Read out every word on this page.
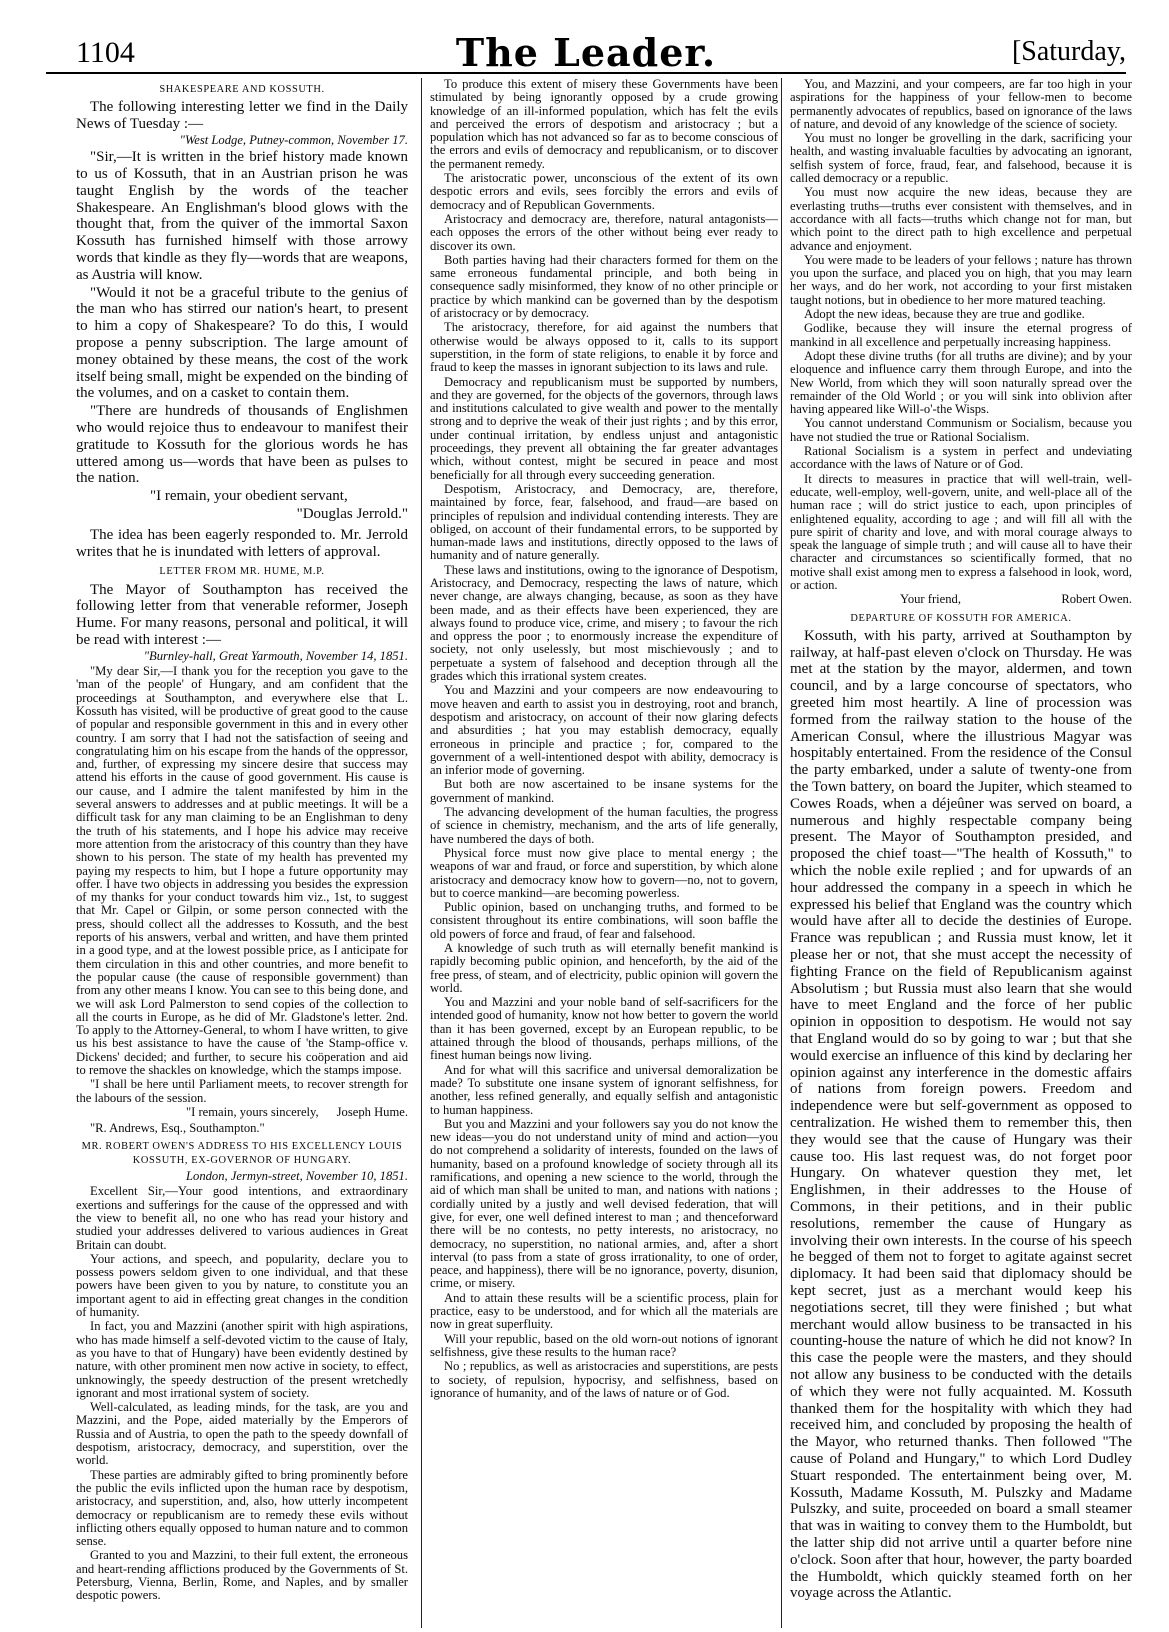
1104	The Leader.	[Saturday,
SHAKESPEARE AND KOSSUTH.

The following interesting letter we find in the Daily News of Tuesday :—

"West Lodge, Putney-common, November 17.

"Sir,—It is written in the brief history made known to us of Kossuth, that in an Austrian prison he was taught English by the words of the teacher Shakespeare. An Englishman's blood glows with the thought that, from the quiver of the immortal Saxon Kossuth has furnished himself with those arrowy words that kindle as they fly—words that are weapons, as Austria will know.

"Would it not be a graceful tribute to the genius of the man who has stirred our nation's heart, to present to him a copy of Shakespeare? To do this, I would propose a penny subscription. The large amount of money obtained by these means, the cost of the work itself being small, might be expended on the binding of the volumes, and on a casket to contain them.

"There are hundreds of thousands of Englishmen who would rejoice thus to endeavour to manifest their gratitude to Kossuth for the glorious words he has uttered among us—words that have been as pulses to the nation.

"I remain, your obedient servant,

"Douglas Jerrold."

The idea has been eagerly responded to. Mr. Jerrold writes that he is inundated with letters of approval.

LETTER FROM MR. HUME, M.P.

The Mayor of Southampton has received the following letter from that venerable reformer, Joseph Hume. For many reasons, personal and political, it will be read with interest :—

"Burnley-hall, Great Yarmouth, November 14, 1851.

"My dear Sir,—I thank you for the reception you gave to the 'man of the people' of Hungary, and am confident that the proceedings at Southampton, and everywhere else that L. Kossuth has visited, will be productive of great good to the cause of popular and responsible government in this and in every other country. I am sorry that I had not the satisfaction of seeing and congratulating him on his escape from the hands of the oppressor, and, further, of expressing my sincere desire that success may attend his efforts in the cause of good government. His cause is our cause, and I admire the talent manifested by him in the several answers to addresses and at public meetings. It will be a difficult task for any man claiming to be an Englishman to deny the truth of his statements, and I hope his advice may receive more attention from the aristocracy of this country than they have shown to his person. The state of my health has prevented my paying my respects to him, but I hope a future opportunity may offer. I have two objects in addressing you besides the expression of my thanks for your conduct towards him viz., 1st, to suggest that Mr. Capel or Gilpin, or some person connected with the press, should collect all the addresses to Kossuth, and the best reports of his answers, verbal and written, and have them printed in a good type, and at the lowest possible price, as I anticipate for them circulation in this and other countries, and more benefit to the popular cause (the cause of responsible government) than from any other means I know. You can see to this being done, and we will ask Lord Palmerston to send copies of the collection to all the courts in Europe, as he did of Mr. Gladstone's letter. 2nd. To apply to the Attorney-General, to whom I have written, to give us his best assistance to have the cause of 'the Stamp-office v. Dickens' decided; and further, to secure his coöperation and aid to remove the shackles on knowledge, which the stamps impose.

"I shall be here until Parliament meets, to recover strength for the labours of the session.

"I remain, yours sincerely, Joseph Hume.

"R. Andrews, Esq., Southampton."

MR. ROBERT OWEN'S ADDRESS TO HIS EXCELLENCY LOUIS KOSSUTH, EX-GOVERNOR OF HUNGARY.
London, Jermyn-street, November 10, 1851.

Excellent Sir,—Your good intentions, and extraordinary exertions and sufferings for the cause of the oppressed and with the view to benefit all, no one who has read your history and studied your addresses delivered to various audiences in Great Britain can doubt.

Your actions, and speech, and popularity, declare you to possess powers seldom given to one individual, and that these powers have been given to you by nature, to constitute you an important agent to aid in effecting great changes in the condition of humanity.

In fact, you and Mazzini (another spirit with high aspirations, who has made himself a self-devoted victim to the cause of Italy, as you have to that of Hungary) have been evidently destined by nature, with other prominent men now active in society, to effect, unknowingly, the speedy destruction of the present wretchedly ignorant and most irrational system of society.

Well-calculated, as leading minds, for the task, are you and Mazzini, and the Pope, aided materially by the Emperors of Russia and of Austria, to open the path to the speedy downfall of despotism, aristocracy, democracy, and superstition, over the world.

These parties are admirably gifted to bring prominently before the public the evils inflicted upon the human race by despotism, aristocracy, and superstition, and, also, how utterly incompetent democracy or republicanism are to remedy these evils without inflicting others equally opposed to human nature and to common sense.

Granted to you and Mazzini, to their full extent, the erroneous and heart-rending afflictions produced by the Governments of St. Petersburg, Vienna, Berlin, Rome, and Naples, and by smaller despotic powers.

To produce this extent of misery these Governments have been stimulated by being ignorantly opposed by a crude growing knowledge of an ill-informed population, which has felt the evils and perceived the errors of despotism and aristocracy ; but a population which has not advanced so far as to become conscious of the errors and evils of democracy and republicanism, or to discover the permanent remedy.

The aristocratic power, unconscious of the extent of its own despotic errors and evils, sees forcibly the errors and evils of democracy and of Republican Governments.

Aristocracy and democracy are, therefore, natural antagonists—each opposes the errors of the other without being ever ready to discover its own.

Both parties having had their characters formed for them on the same erroneous fundamental principle, and both being in consequence sadly misinformed, they know of no other principle or practice by which mankind can be governed than by the despotism of aristocracy or by democracy.

The aristocracy, therefore, for aid against the numbers that otherwise would be always opposed to it, calls to its support superstition, in the form of state religions, to enable it by force and fraud to keep the masses in ignorant subjection to its laws and rule.

Democracy and republicanism must be supported by numbers, and they are governed, for the objects of the governors, through laws and institutions calculated to give wealth and power to the mentally strong and to deprive the weak of their just rights ; and by this error, under continual irritation, by endless unjust and antagonistic proceedings, they prevent all obtaining the far greater advantages which, without contest, might be secured in peace and most beneficially for all through every succeeding generation.

Despotism, Aristocracy, and Democracy, are, therefore, maintained by force, fear, falsehood, and fraud—are based on principles of repulsion and individual contending interests. They are obliged, on account of their fundamental errors, to be supported by human-made laws and institutions, directly opposed to the laws of humanity and of nature generally.

These laws and institutions, owing to the ignorance of Despotism, Aristocracy, and Democracy, respecting the laws of nature, which never change, are always changing, because, as soon as they have been made, and as their effects have been experienced, they are always found to produce vice, crime, and misery ; to favour the rich and oppress the poor ; to enormously increase the expenditure of society, not only uselessly, but most mischievously ; and to perpetuate a system of falsehood and deception through all the grades which this irrational system creates.

You and Mazzini and your compeers are now endeavouring to move heaven and earth to assist you in destroying, root and branch, despotism and aristocracy, on account of their now glaring defects and absurdities ; hat you may establish democracy, equally erroneous in principle and practice ; for, compared to the government of a well-intentioned despot with ability, democracy is an inferior mode of governing.

But both are now ascertained to be insane systems for the government of mankind.

The advancing development of the human faculties, the progress of science in chemistry, mechanism, and the arts of life generally, have numbered the days of both.

Physical force must now give place to mental energy ; the weapons of war and fraud, or force and superstition, by which alone aristocracy and democracy know how to govern—no, not to govern, but to coerce mankind—are becoming powerless.

Public opinion, based on unchanging truths, and formed to be consistent throughout its entire combinations, will soon baffle the old powers of force and fraud, of fear and falsehood.

A knowledge of such truth as will eternally benefit mankind is rapidly becoming public opinion, and henceforth, by the aid of the free press, of steam, and of electricity, public opinion will govern the world.

You and Mazzini and your noble band of self-sacrificers for the intended good of humanity, know not how better to govern the world than it has been governed, except by an European republic, to be attained through the blood of thousands, perhaps millions, of the finest human beings now living.

And for what will this sacrifice and universal demoralization be made? To substitute one insane system of ignorant selfishness, for another, less refined generally, and equally selfish and antagonistic to human happiness.

But you and Mazzini and your followers say you do not know the new ideas—you do not understand unity of mind and action—you do not comprehend a solidarity of interests, founded on the laws of humanity, based on a profound knowledge of society through all its ramifications, and opening a new science to the world, through the aid of which man shall be united to man, and nations with nations ; cordially united by a justly and well devised federation, that will give, for ever, one well defined interest to man ; and thenceforward there will be no contests, no petty interests, no aristocracy, no democracy, no superstition, no national armies, and, after a short interval (to pass from a state of gross irrationality, to one of order, peace, and happiness), there will be no ignorance, poverty, disunion, crime, or misery.

And to attain these results will be a scientific process, plain for practice, easy to be understood, and for which all the materials are now in great superfluity.

Will your republic, based on the old worn-out notions of ignorant selfishness, give these results to the human race?

No ; republics, as well as aristocracies and superstitions, are pests to society, of repulsion, hypocrisy, and selfishness, based on ignorance of humanity, and of the laws of nature or of God.

You, and Mazzini, and your compeers, are far too high in your aspirations for the happiness of your fellow-men to become permanently advocates of republics, based on ignorance of the laws of nature, and devoid of any knowledge of the science of society.

You must no longer be grovelling in the dark, sacrificing your health, and wasting invaluable faculties by advocating an ignorant, selfish system of force, fraud, fear, and falsehood, because it is called democracy or a republic.

You must now acquire the new ideas, because they are everlasting truths—truths ever consistent with themselves, and in accordance with all facts—truths which change not for man, but which point to the direct path to high excellence and perpetual advance and enjoyment.

You were made to be leaders of your fellows ; nature has thrown you upon the surface, and placed you on high, that you may learn her ways, and do her work, not according to your first mistaken taught notions, but in obedience to her more matured teaching.

Adopt the new ideas, because they are true and godlike.

Godlike, because they will insure the eternal progress of mankind in all excellence and perpetually increasing happiness.

Adopt these divine truths (for all truths are divine); and by your eloquence and influence carry them through Europe, and into the New World, from which they will soon naturally spread over the remainder of the Old World ; or you will sink into oblivion after having appeared like Will-o'-the Wisps.

You cannot understand Communism or Socialism, because you have not studied the true or Rational Socialism.

Rational Socialism is a system in perfect and undeviating accordance with the laws of Nature or of God.

It directs to measures in practice that will well-train, well-educate, well-employ, well-govern, unite, and well-place all of the human race ; will do strict justice to each, upon principles of enlightened equality, according to age ; and will fill all with the pure spirit of charity and love, and with moral courage always to speak the language of simple truth ; and will cause all to have their character and circumstances so scientifically formed, that no motive shall exist among men to express a falsehood in look, word, or action.

Your friend,	Robert Owen.
DEPARTURE OF KOSSUTH FOR AMERICA.

Kossuth, with his party, arrived at Southampton by railway, at half-past eleven o'clock on Thursday. He was met at the station by the mayor, aldermen, and town council, and by a large concourse of spectators, who greeted him most heartily. A line of procession was formed from the railway station to the house of the American Consul, where the illustrious Magyar was hospitably entertained. From the residence of the Consul the party embarked, under a salute of twenty-one from the Town battery, on board the Jupiter, which steamed to Cowes Roads, when a déjeûner was served on board, a numerous and highly respectable company being present. The Mayor of Southampton presided, and proposed the chief toast—"The health of Kossuth," to which the noble exile replied ; and for upwards of an hour addressed the company in a speech in which he expressed his belief that England was the country which would have after all to decide the destinies of Europe. France was republican ; and Russia must know, let it please her or not, that she must accept the necessity of fighting France on the field of Republicanism against Absolutism ; but Russia must also learn that she would have to meet England and the force of her public opinion in opposition to despotism. He would not say that England would do so by going to war ; but that she would exercise an influence of this kind by declaring her opinion against any interference in the domestic affairs of nations from foreign powers. Freedom and independence were but self-government as opposed to centralization. He wished them to remember this, then they would see that the cause of Hungary was their cause too. His last request was, do not forget poor Hungary. On whatever question they met, let Englishmen, in their addresses to the House of Commons, in their petitions, and in their public resolutions, remember the cause of Hungary as involving their own interests. In the course of his speech he begged of them not to forget to agitate against secret diplomacy. It had been said that diplomacy should be kept secret, just as a merchant would keep his negotiations secret, till they were finished ; but what merchant would allow business to be transacted in his counting-house the nature of which he did not know? In this case the people were the masters, and they should not allow any business to be conducted with the details of which they were not fully acquainted. M. Kossuth thanked them for the hospitality with which they had received him, and concluded by proposing the health of the Mayor, who returned thanks. Then followed "The cause of Poland and Hungary," to which Lord Dudley Stuart responded. The entertainment being over, M. Kossuth, Madame Kossuth, M. Pulszky and Madame Pulszky, and suite, proceeded on board a small steamer that was in waiting to convey them to the Humboldt, but the latter ship did not arrive until a quarter before nine o'clock. Soon after that hour, however, the party boarded the Humboldt, which quickly steamed forth on her voyage across the Atlantic.
